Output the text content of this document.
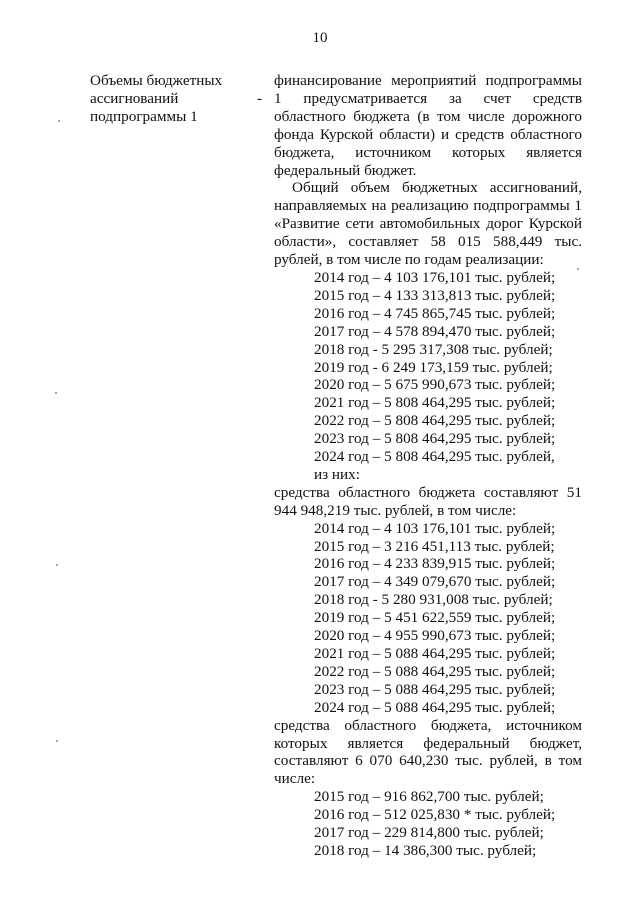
10
Объемы бюджетных
ассигнований
подпрограммы 1
-

финансирование мероприятий подпрограммы 1 предусматривается за счет средств областного бюджета (в том числе дорожного фонда Курской области) и средств областного бюджета, источником которых является федеральный бюджет.

Общий объем бюджетных ассигнований, направляемых на реализацию подпрограммы 1 «Развитие сети автомобильных дорог Курской области», составляет 58 015 588,449 тыс. рублей, в том числе по годам реализации:

2014 год – 4 103 176,101 тыс. рублей;
2015 год – 4 133 313,813 тыс. рублей;
2016 год – 4 745 865,745 тыс. рублей;
2017 год – 4 578 894,470 тыс. рублей;
2018 год - 5 295 317,308 тыс. рублей;
2019 год - 6 249 173,159 тыс. рублей;
2020 год – 5 675 990,673 тыс. рублей;
2021 год – 5 808 464,295 тыс. рублей;
2022 год – 5 808 464,295 тыс. рублей;
2023 год – 5 808 464,295 тыс. рублей;
2024 год – 5 808 464,295 тыс. рублей,

из них:

средства областного бюджета составляют 51 944 948,219 тыс. рублей, в том числе:

2014 год – 4 103 176,101 тыс. рублей;
2015 год – 3 216 451,113 тыс. рублей;
2016 год – 4 233 839,915 тыс. рублей;
2017 год – 4 349 079,670 тыс. рублей;
2018 год - 5 280 931,008 тыс. рублей;
2019 год – 5 451 622,559 тыс. рублей;
2020 год – 4 955 990,673 тыс. рублей;
2021 год – 5 088 464,295 тыс. рублей;
2022 год – 5 088 464,295 тыс. рублей;
2023 год – 5 088 464,295 тыс. рублей;
2024 год – 5 088 464,295 тыс. рублей;

средства областного бюджета, источником которых является федеральный бюджет, составляют 6 070 640,230 тыс. рублей, в том числе:

2015 год – 916 862,700 тыс. рублей;
2016 год – 512 025,830 * тыс. рублей;
2017 год – 229 814,800 тыс. рублей;
2018 год – 14 386,300 тыс. рублей;
